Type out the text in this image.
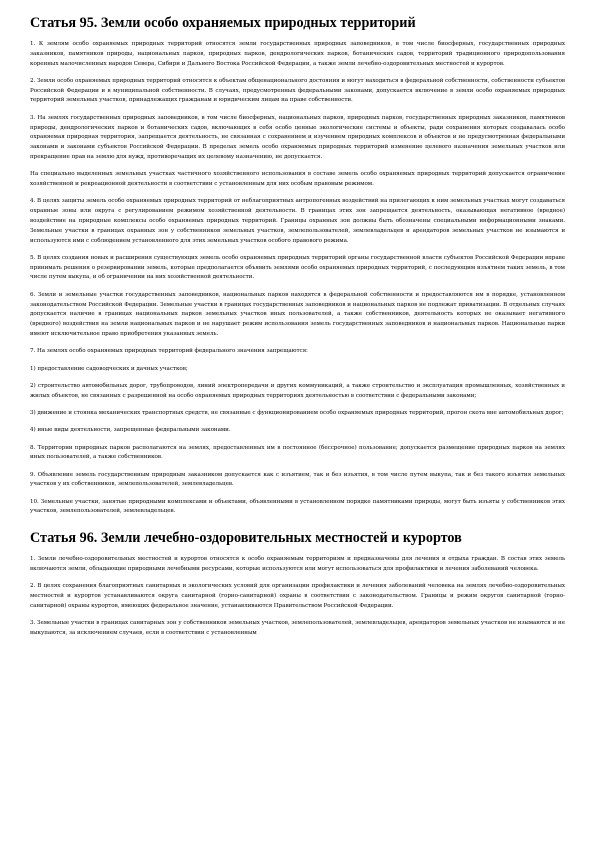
Статья 95. Земли особо охраняемых природных территорий

1. К землям особо охраняемых природных территорий относятся земли государственных природных заповедников, в том числе биосферных, государственных природных заказников, памятников природы, национальных парков, природных парков, дендрологических парков, ботанических садов, территорий традиционного природопользования коренных малочисленных народов Севера, Сибири и Дальнего Востока Российской Федерации, а также земли лечебно-оздоровительных местностей и курортов.

2. Земли особо охраняемых природных территорий относятся к объектам общенационального достояния и могут находиться в федеральной собственности, собственности субъектов Российской Федерации и в муниципальной собственности. В случаях, предусмотренных федеральными законами, допускается включение в земли особо охраняемых природных территорий земельных участков, принадлежащих гражданам и юридическим лицам на праве собственности.

3. На землях государственных природных заповедников, в том числе биосферных, национальных парков, природных парков, государственных природных заказников, памятников природы, дендрологических парков и ботанических садов, включающих в себя особо ценные экологические системы и объекты, ради сохранения которых создавалась особо охраняемая природная территория, запрещается деятельность, не связанная с сохранением и изучением природных комплексов и объектов и не предусмотренная федеральными законами и законами субъектов Российской Федерации. В пределах земель особо охраняемых природных территорий изменение целевого назначения земельных участков или прекращение прав на землю для нужд, противоречащих их целевому назначению, не допускается.

На специально выделенных земельных участках частичного хозяйственного использования в составе земель особо охраняемых природных территорий допускается ограничение хозяйственной и рекреационной деятельности в соответствии с установленным для них особым правовым режимом.

4. В целях защиты земель особо охраняемых природных территорий от неблагоприятных антропогенных воздействий на прилегающих к ним земельных участках могут создаваться охранные зоны или округа с регулированием режимом хозяйственной деятельности. В границах этих зон запрещается деятельность, оказывающая негативное (вредное) воздействие на природные комплексы особо охраняемых природных территорий. Границы охранных зон должны быть обозначены специальными информационными знаками. Земельные участки в границах охранных зон у собственников земельных участков, землепользователей, землевладельцев и арендаторов земельных участков не изымаются и используются ими с соблюдением установленного для этих земельных участков особого правового режима.

5. В целях создания новых и расширения существующих земель особо охраняемых природных территорий органы государственной власти субъектов Российской Федерации вправе принимать решения о резервировании земель, которые предполагается объявить землями особо охраняемых природных территорий, с последующим изъятием таких земель, в том числе путем выкупа, и об ограничении на них хозяйственной деятельности.

6. Земли и земельные участки государственных заповедников, национальных парков находятся в федеральной собственности и предоставляются им в порядке, установленном законодательством Российской Федерации. Земельные участки в границах государственных заповедников и национальных парков не подлежат приватизации. В отдельных случаях допускается наличие в границах национальных парков земельных участков иных пользователей, а также собственников, деятельность которых не оказывает негативного (вредного) воздействия на земли национальных парков и не нарушает режим использования земель государственных заповедников и национальных парков. Национальные парки имеют исключительное право приобретения указанных земель.

7. На землях особо охраняемых природных территорий федерального значения запрещаются:

1) предоставление садоводческих и дачных участков;

2) строительство автомобильных дорог, трубопроводов, линий электропередачи и других коммуникаций, а также строительство и эксплуатация промышленных, хозяйственных и жилых объектов, не связанных с разрешенной на особо охраняемых природных территориях деятельностью в соответствии с федеральными законами;

3) движение и стоянка механических транспортных средств, не связанные с функционированием особо охраняемых природных территорий, прогон скота вне автомобильных дорог;

4) иные виды деятельности, запрещенные федеральными законами.

8. Территории природных парков располагаются на землях, предоставленных им в постоянное (бессрочное) пользование; допускается размещение природных парков на землях иных пользователей, а также собственников.

9. Объявление земель государственным природным заказником допускается как с изъятием, так и без изъятия, в том числе путем выкупа, так и без такого изъятия земельных участков у их собственников, землепользователей, землевладельцев.

10. Земельные участки, занятые природными комплексами и объектами, объявленными в установленном порядке памятниками природы, могут быть изъяты у собственников этих участков, землепользователей, землевладельцев.

Статья 96. Земли лечебно-оздоровительных местностей и курортов

1. Земли лечебно-оздоровительных местностей и курортов относятся к особо охраняемым территориям и предназначены для лечения и отдыха граждан. В состав этих земель включаются земли, обладающие природными лечебными ресурсами, которые используются или могут использоваться для профилактики и лечения заболеваний человека.

2. В целях сохранения благоприятных санитарных и экологических условий для организации профилактики и лечения заболеваний человека на землях лечебно-оздоровительных местностей и курортов устанавливаются округа санитарной (горно-санитарной) охраны в соответствии с законодательством. Границы и режим округов санитарной (горно-санитарной) охраны курортов, имеющих федеральное значение, устанавливаются Правительством Российской Федерации.

3. Земельные участки в границах санитарных зон у собственников земельных участков, землепользователей, землевладельцев, арендаторов земельных участков не изымаются и не выкупаются, за исключением случаев, если в соответствии с установленным
